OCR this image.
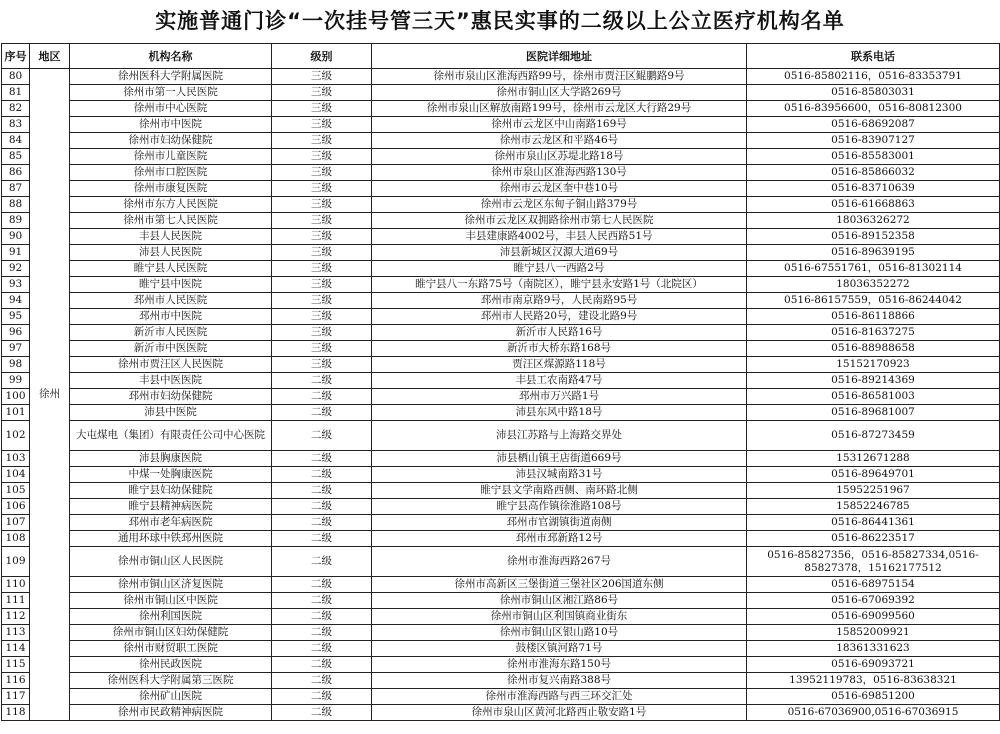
实施普通门诊“一次挂号管三天”惠民实事的二级以上公立医疗机构名单
序号	地区	机构名称	级别	医院详细地址	联系电话
80	徐州	徐州医科大学附属医院	三级	徐州市泉山区淮海西路99号，徐州市贾汪区鲲鹏路9号	0516-85802116，0516-83353791
81		徐州市第一人民医院	三级	徐州市铜山区大学路269号	0516-85803031
82		徐州市中心医院	三级	徐州市泉山区解放南路199号，徐州市云龙区大行路29号	0516-83956600，0516-80812300
83		徐州市中医院	三级	徐州市云龙区中山南路169号	0516-68692087
84		徐州市妇幼保健院	三级	徐州市云龙区和平路46号	0516-83907127
85		徐州市儿童医院	三级	徐州市泉山区苏堤北路18号	0516-85583001
86		徐州市口腔医院	三级	徐州市泉山区淮海西路130号	0516-85866032
87		徐州市康复医院	三级	徐州市云龙区奎中巷10号	0516-83710639
88		徐州市东方人民医院	三级	徐州市云龙区东甸子铜山路379号	0516-61668863
89		徐州市第七人民医院	三级	徐州市云龙区双拥路徐州市第七人民医院	18036326272
90		丰县人民医院	三级	丰县建康路4002号，丰县人民西路51号	0516-89152358
91		沛县人民医院	三级	沛县新城区汉源大道69号	0516-89639195
92		睢宁县人民医院	三级	睢宁县八一西路2号	0516-67551761，0516-81302114
93		睢宁县中医院	三级	睢宁县八一东路75号（南院区），睢宁县永安路1号（北院区）	18036352272
94		邳州市人民医院	三级	邳州市南京路9号，人民南路95号	0516-86157559，0516-86244042
95		邳州市中医院	三级	邳州市人民路20号，建设北路9号	0516-86118866
96		新沂市人民医院	三级	新沂市人民路16号	0516-81637275
97		新沂市中医医院	三级	新沂市大桥东路168号	0516-88988658
98		徐州市贾汪区人民医院	三级	贾汪区煤源路118号	15152170923
99		丰县中医医院	二级	丰县工农南路47号	0516-89214369
100		邳州市妇幼保健院	二级	邳州市万兴路1号	0516-86581003
101		沛县中医院	二级	沛县东风中路18号	0516-89681007
102		大屯煤电（集团）有限责任公司中心医院	二级	沛县江苏路与上海路交界处	0516-87273459
103		沛县胸康医院	二级	沛县栖山镇王店街道669号	15312671288
104		中煤一处胸康医院	二级	沛县汉城南路31号	0516-89649701
105		睢宁县妇幼保健院	二级	睢宁县文学南路西侧、南环路北侧	15952251967
106		睢宁县精神病医院	二级	睢宁县高作镇徐淮路108号	15852246785
107		邳州市老年病医院	二级	邳州市官湖镇街道南侧	0516-86441361
108		通用环球中铁邳州医院	二级	邳州市邳新路12号	0516-86223517
109		徐州市铜山区人民医院	二级	徐州市淮海西路267号	0516-85827356，0516-85827334,0516-85827378，15162177512
110		徐州市铜山区济复医院	二级	徐州市高新区三堡街道三堡社区206国道东侧	0516-68975154
111		徐州市铜山区中医院	二级	徐州市铜山区湘江路86号	0516-67069392
112		徐州利国医院	二级	徐州市铜山区利国镇商业街东	0516-69099560
113		徐州市铜山区妇幼保健院	二级	徐州市铜山区银山路10号	15852009921
114		徐州市财贸职工医院	二级	鼓楼区镇河路71号	18361331623
115		徐州民政医院	二级	徐州市淮海东路150号	0516-69093721
116		徐州医科大学附属第三医院	二级	徐州市复兴南路388号	13952119783，0516-83638321
117		徐州矿山医院	二级	徐州市淮海西路与西三环交汇处	0516-69851200
118		徐州市民政精神病医院	二级	徐州市泉山区黄河北路西止敬安路1号	0516-67036900,0516-67036915
